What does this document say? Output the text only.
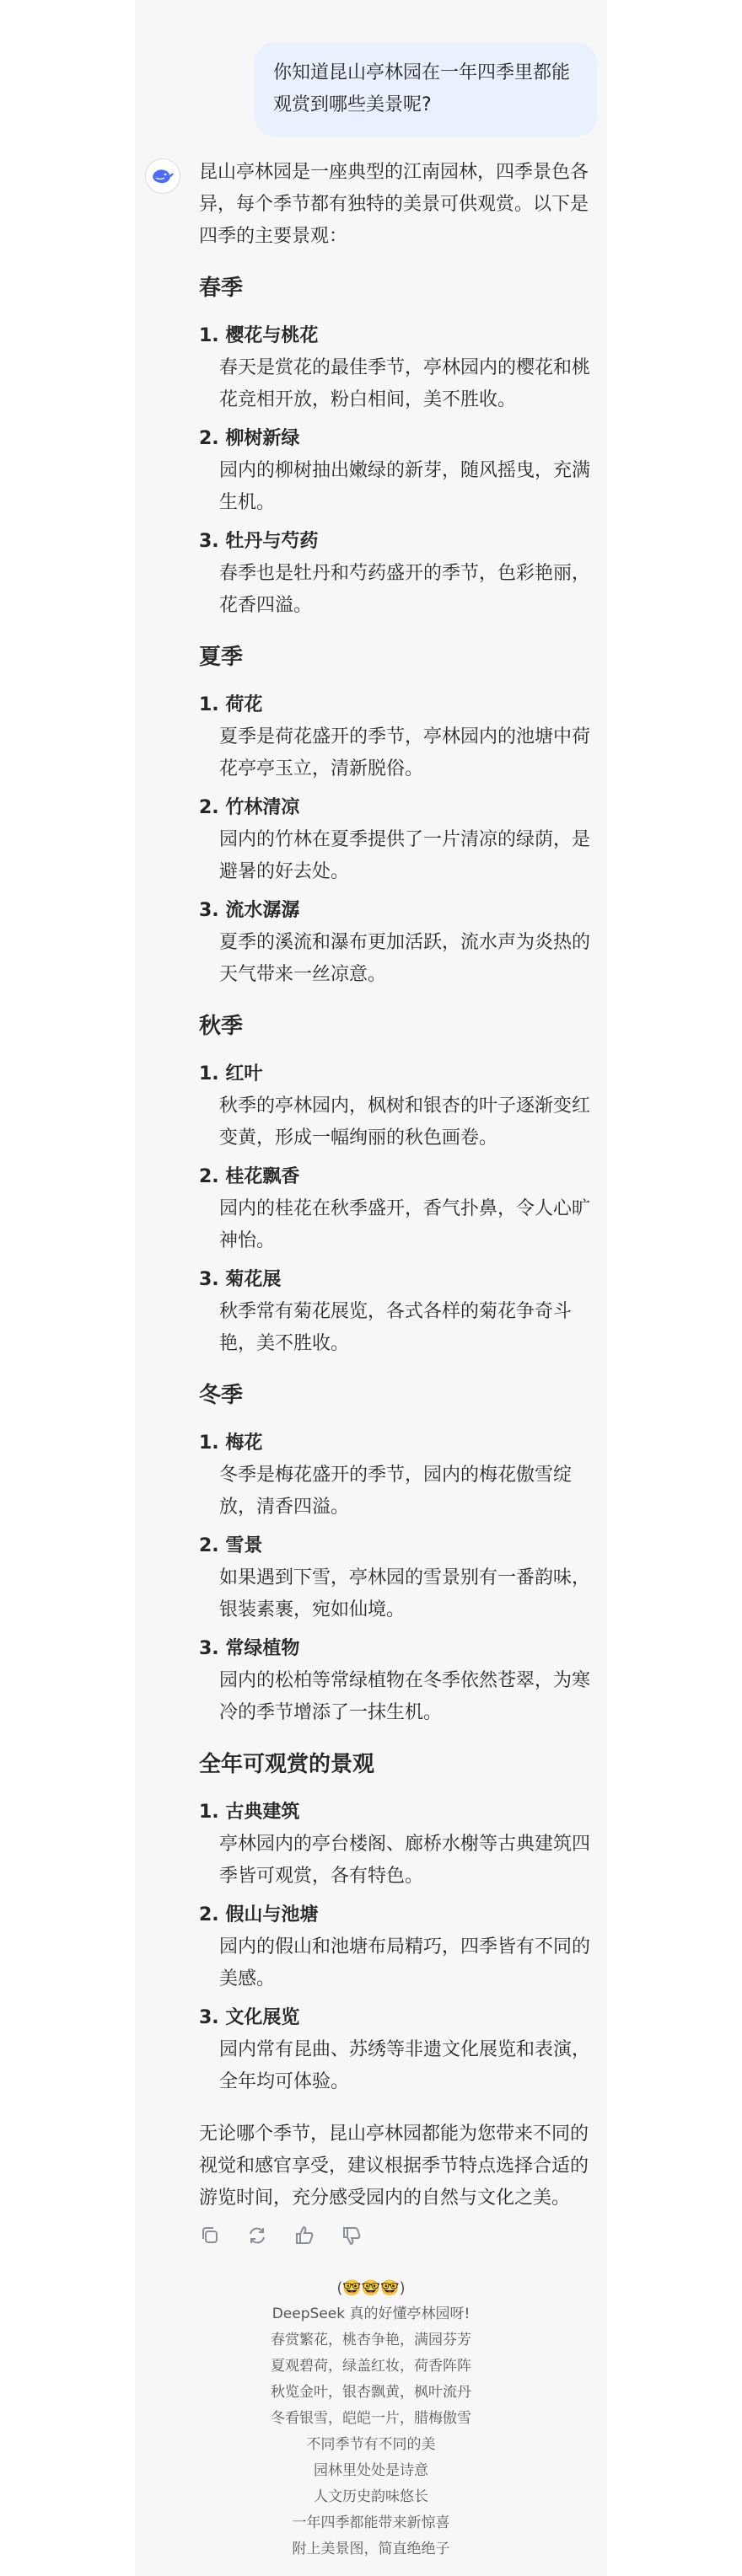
你知道昆山亭林园在一年四季里都能观赏到哪些美景呢?

昆山亭林园是一座典型的江南园林，四季景色各异，每个季节都有独特的美景可供观赏。以下是四季的主要景观：

春季

1. 樱花与桃花

春天是赏花的最佳季节，亭林园内的樱花和桃花竞相开放，粉白相间，美不胜收。

2. 柳树新绿

园内的柳树抽出嫩绿的新芽，随风摇曳，充满生机。

3. 牡丹与芍药

春季也是牡丹和芍药盛开的季节，色彩艳丽，花香四溢。

夏季

1. 荷花

夏季是荷花盛开的季节，亭林园内的池塘中荷花亭亭玉立，清新脱俗。

2. 竹林清凉

园内的竹林在夏季提供了一片清凉的绿荫，是避暑的好去处。

3. 流水潺潺

夏季的溪流和瀑布更加活跃，流水声为炎热的天气带来一丝凉意。

秋季

1. 红叶

秋季的亭林园内，枫树和银杏的叶子逐渐变红变黄，形成一幅绚丽的秋色画卷。

2. 桂花飘香

园内的桂花在秋季盛开，香气扑鼻，令人心旷神怡。

3. 菊花展

秋季常有菊花展览，各式各样的菊花争奇斗艳，美不胜收。

冬季

1. 梅花

冬季是梅花盛开的季节，园内的梅花傲雪绽放，清香四溢。

2. 雪景

如果遇到下雪，亭林园的雪景别有一番韵味，银装素裹，宛如仙境。

3. 常绿植物

园内的松柏等常绿植物在冬季依然苍翠，为寒冷的季节增添了一抹生机。

全年可观赏的景观

1. 古典建筑

亭林园内的亭台楼阁、廊桥水榭等古典建筑四季皆可观赏，各有特色。

2. 假山与池塘

园内的假山和池塘布局精巧，四季皆有不同的美感。

3. 文化展览

园内常有昆曲、苏绣等非遗文化展览和表演，全年均可体验。

无论哪个季节，昆山亭林园都能为您带来不同的视觉和感官享受，建议根据季节特点选择合适的游览时间，充分感受园内的自然与文化之美。

(🤓🤓🤓)
DeepSeek 真的好懂亭林园呀!
春赏繁花，桃杏争艳，满园芬芳
夏观碧荷，绿盖红妆，荷香阵阵
秋览金叶，银杏飘黄，枫叶流丹
冬看银雪，皑皑一片，腊梅傲雪
不同季节有不同的美
园林里处处是诗意
人文历史韵味悠长
一年四季都能带来新惊喜
附上美景图，简直绝绝子
